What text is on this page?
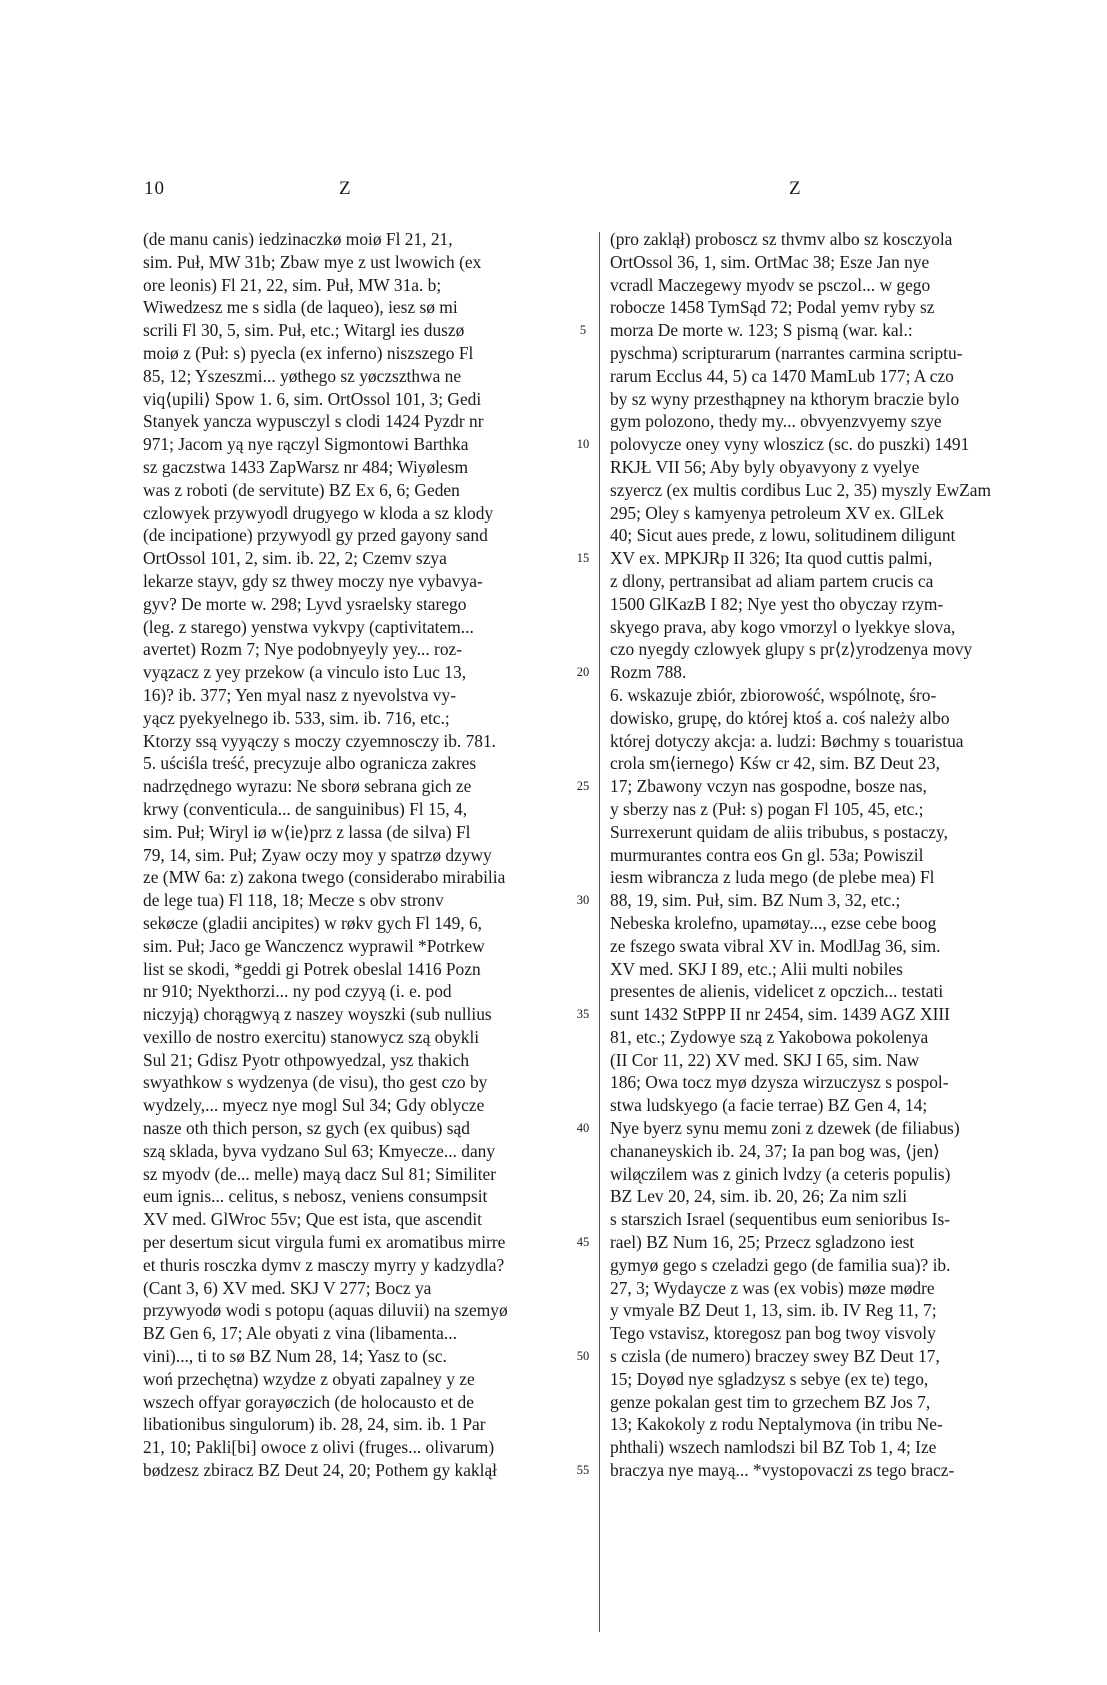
10	Z	Z
(de manu canis) iedzinaczkø moiø Fl 21, 21,
sim. Puł, MW 31b; Zbaw mye z ust lwowich (ex
ore leonis) Fl 21, 22, sim. Puł, MW 31a. b;
Wiwedzesz me s sidla (de laqueo), iesz sø mi
scrili Fl 30, 5, sim. Puł, etc.; Witargl ies duszø
moiø z (Puł: s) pyecla (ex inferno) niszszego Fl
85, 12; Yszeszmi... yøthego sz yøczszthwa ne
viq⟨upili⟩ Spow 1. 6, sim. OrtOssol 101, 3; Gedi
Stanyek yancza wypusczyl s clodi 1424 Pyzdr nr
971; Jacom yą nye rączyl Sigmontowi Barthka
sz gaczstwa 1433 ZapWarsz nr 484; Wiyølesm
was z roboti (de servitute) BZ Ex 6, 6; Geden
czlowyek przywyodl drugyego w kloda a sz klody
(de incipatione) przywyodl gy przed gayony sand
OrtOssol 101, 2, sim. ib. 22, 2; Czemv szya
lekarze stayv, gdy sz thwey moczy nye vybavya-
gyv? De morte w. 298; Lyvd ysraelsky starego
(leg. z starego) yenstwa vykvpy (captivitatem...
avertet) Rozm 7; Nye podobnyeyly yey... roz-
vyązacz z yey przekow (a vinculo isto Luc 13,
16)? ib. 377; Yen myal nasz z nyevolstva vy-
yącz pyekyelnego ib. 533, sim. ib. 716, etc.;
Ktorzy ssą vyyączy s moczy czyemnosczy ib. 781.
5. uściśla treść, precyzuje albo ogranicza zakres
nadrzędnego wyrazu: Ne sborø sebrana gich ze
krwy (conventicula... de sanguinibus) Fl 15, 4,
sim. Puł; Wiryl iø w⟨ie⟩prz z lassa (de silva) Fl
79, 14, sim. Puł; Zyaw oczy moy y spatrzø dzywy
ze (MW 6a: z) zakona twego (considerabo mirabilia
de lege tua) Fl 118, 18; Mecze s obv stronv
sekøcze (gladii ancipites) w røkv gych Fl 149, 6,
sim. Puł; Jaco ge Wanczencz wyprawil *Potrkew
list se skodi, *geddi gi Potrek obeslal 1416 Pozn
nr 910; Nyekthorzi... ny pod czyyą (i. e. pod
niczyją) chorągwyą z naszey woyszki (sub nullius
vexillo de nostro exercitu) stanowycz szą obykli
Sul 21; Gdisz Pyotr othpowyedzal, ysz thakich
swyathkow s wydzenya (de visu), tho gest czo by
wydzely,... myecz nye mogl Sul 34; Gdy oblycze
nasze oth thich person, sz gych (ex quibus) sąd
szą sklada, byva vydzano Sul 63; Kmyecze... dany
sz myodv (de... melle) mayą dacz Sul 81; Similiter
eum ignis... celitus, s nebosz, veniens consumpsit
XV med. GlWroc 55v; Que est ista, que ascendit
per desertum sicut virgula fumi ex aromatibus mirre
et thuris rosczka dymv z masczy myrry y kadzydla?
(Cant 3, 6) XV med. SKJ V 277; Bocz ya
przywyodø wodi s potopu (aquas diluvii) na szemyø
BZ Gen 6, 17; Ale obyati z vina (libamenta...
vini)..., ti to sø BZ Num 28, 14; Yasz to (sc.
woń przechętna) wzydze z obyati zapalney y ze
wszech offyar gorayøczich (de holocausto et de
libationibus singulorum) ib. 28, 24, sim. ib. 1 Par
21, 10; Pakli[bi] owoce z olivi (fruges... olivarum)
bødzesz zbiracz BZ Deut 24, 20; Pothem gy kaklął
5
10
15
20
25
30
35
40
45
50
55
(pro zaklął) proboscz sz thvmv albo sz kosczyola
OrtOssol 36, 1, sim. OrtMac 38; Esze Jan nye
vcradl Maczegewy myodv se psczol... w gego
robocze 1458 TymSąd 72; Podal yemv ryby sz
morza De morte w. 123; S pismą (war. kal.:
pyschma) scripturarum (narrantes carmina scriptu-
rarum Ecclus 44, 5) ca 1470 MamLub 177; A czo
by sz wyny przesthąpney na kthorym braczie bylo
gym polozono, thedy my... obvyenzvyemy szye
polovycze oney vyny wloszicz (sc. do puszki) 1491
RKJŁ VII 56; Aby byly obyavyony z vyelye
szyercz (ex multis cordibus Luc 2, 35) myszly EwZam
295; Oley s kamyenya petroleum XV ex. GlLek
40; Sicut aues prede, z lowu, solitudinem diligunt
XV ex. MPKJRp II 326; Ita quod cuttis palmi,
z dlony, pertransibat ad aliam partem crucis ca
1500 GlKazB I 82; Nye yest tho obyczay rzym-
skyego prava, aby kogo vmorzyl o lyekkye slova,
czo nyegdy czlowyek glupy s pr⟨z⟩yrodzenya movy
Rozm 788.
6. wskazuje zbiór, zbiorowość, wspólnotę, śro-
dowisko, grupę, do której ktoś a. coś należy albo
której dotyczy akcja: a. ludzi: Bøchmy s touaristua
crola sm⟨iernego⟩ Kśw cr 42, sim. BZ Deut 23,
17; Zbawony vczyn nas gospodne, bosze nas,
y sberzy nas z (Puł: s) pogan Fl 105, 45, etc.;
Surrexerunt quidam de aliis tribubus, s postaczy,
murmurantes contra eos Gn gl. 53a; Powiszil
iesm wibrancza z luda mego (de plebe mea) Fl
88, 19, sim. Puł, sim. BZ Num 3, 32, etc.;
Nebeska krolefno, upamøtay..., ezse cebe boog
ze fszego swata vibral XV in. ModlJag 36, sim.
XV med. SKJ I 89, etc.; Alii multi nobiles
presentes de alienis, videlicet z opczich... testati
sunt 1432 StPPP II nr 2454, sim. 1439 AGZ XIII
81, etc.; Zydowye szą z Yakobowa pokolenya
(II Cor 11, 22) XV med. SKJ I 65, sim. Naw
186; Owa tocz myø dzysza wirzuczysz s pospol-
stwa ludskyego (a facie terrae) BZ Gen 4, 14;
Nye byerz synu memu zoni z dzewek (de filiabus)
chananeyskich ib. 24, 37; Ia pan bog was, ⟨jen⟩
wilø̨czilem was z ginich lvdzy (a ceteris populis)
BZ Lev 20, 24, sim. ib. 20, 26; Za nim szli
s starszich Israel (sequentibus eum senioribus Is-
rael) BZ Num 16, 25; Przecz sgladzono iest
gymyø gego s czeladzi gego (de familia sua)? ib.
27, 3; Wydaycze z was (ex vobis) møze mødre
y vmyale BZ Deut 1, 13, sim. ib. IV Reg 11, 7;
Tego vstavisz, ktoregosz pan bog twoy visvoly
s czisla (de numero) braczey swey BZ Deut 17,
15; Doyød nye sgladzysz s sebye (ex te) tego,
genze pokalan gest tim to grzechem BZ Jos 7,
13; Kakokoly z rodu Neptalymova (in tribu Ne-
phthali) wszech namlodszi bil BZ Tob 1, 4; Ize
braczya nye mayą... *vystopovaczi zs tego bracz-
